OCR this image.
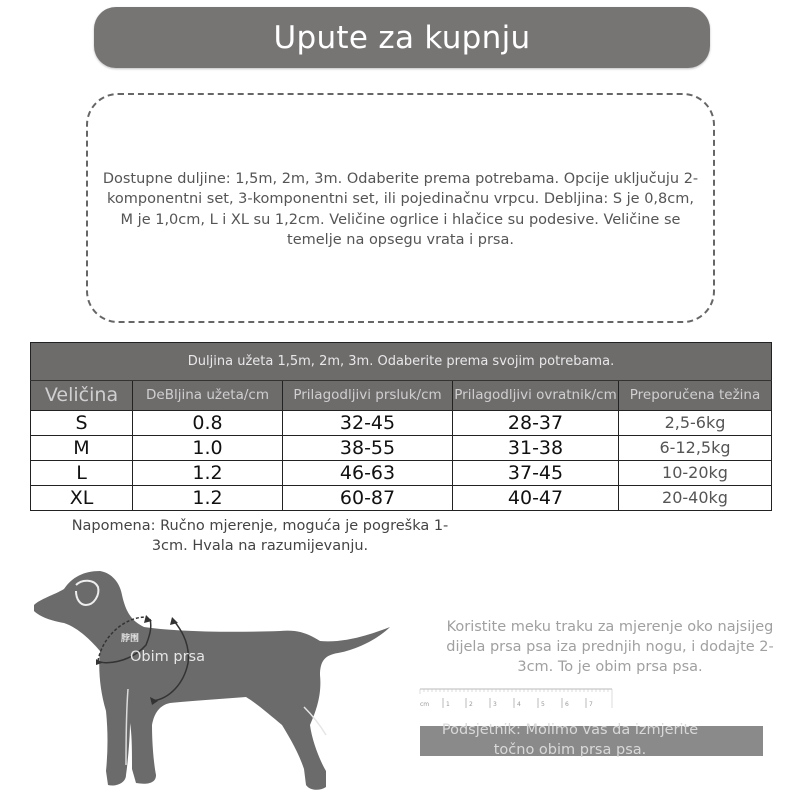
Upute za kupnju

Dostupne duljine: 1,5m, 2m, 3m. Odaberite prema potrebama. Opcije uključuju 2-komponentni set, 3-komponentni set, ili pojedinačnu vrpcu. Debljina: S je 0,8cm, M je 1,0cm, L i XL su 1,2cm. Veličine ogrlice i hlačice su podesive. Veličine se temelje na opsegu vrata i prsa.

Duljina užeta 1,5m, 2m, 3m. Odaberite prema svojim potrebama.				
Veličina	DeBljina užeta/cm	Prilagodljivi prsluk/cm	Prilagodljivi ovratnik/cm	Preporučena težina
S	0.8	32-45	28-37	2,5-6kg
M	1.0	38-55	31-38	6-12,5kg
L	1.2	46-63	37-45	10-20kg
XL	1.2	60-87	40-47	20-40kg
Napomena: Ručno mjerenje, moguća je pogreška 1-3cm. Hvala na razumijevanju.
脖围
Obim prsa
Koristite meku traku za mjerenje oko najsijeg dijela prsa psa iza prednjih nogu, i dodajte 2-3cm. To je obim prsa psa.
cm	1	2	3	4	5	6	7

Podsjetnik: Molimo vas da izmjerite točno obim prsa psa.
